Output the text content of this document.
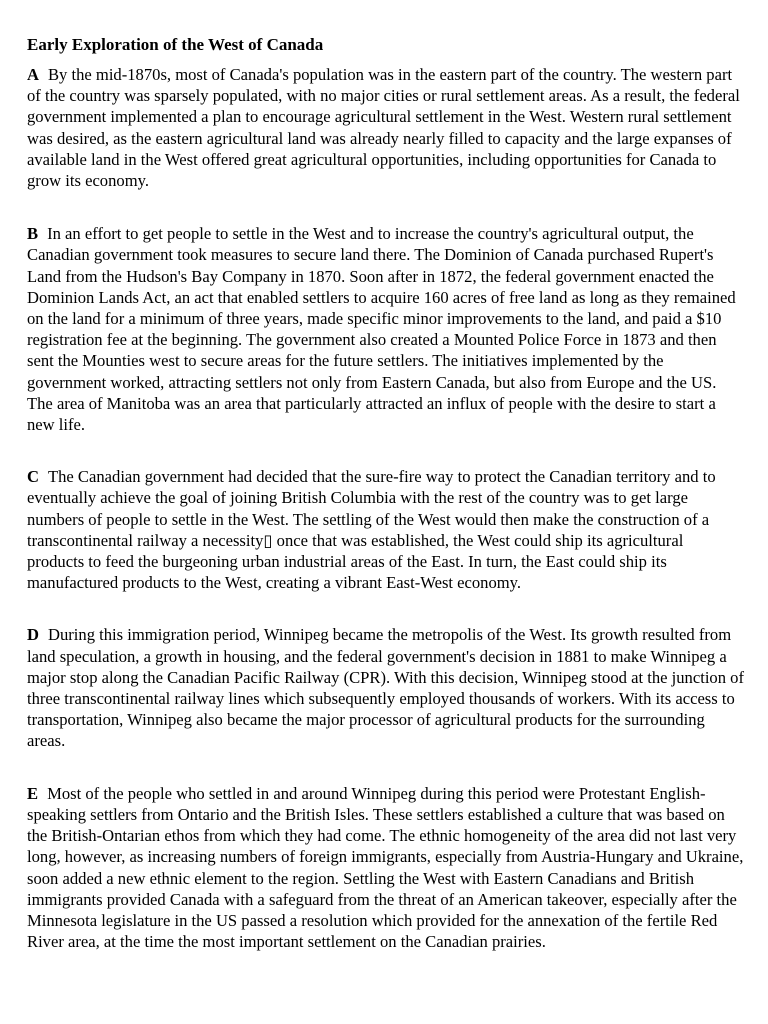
Early Exploration of the West of Canada

A By the mid-1870s, most of Canada's population was in the eastern part of the country. The western part of the country was sparsely populated, with no major cities or rural settlement areas. As a result, the federal government implemented a plan to encourage agricultural settlement in the West. Western rural settlement was desired, as the eastern agricultural land was already nearly filled to capacity and the large expanses of available land in the West offered great agricultural opportunities, including opportunities for Canada to grow its economy.

B In an effort to get people to settle in the West and to increase the country's agricultural output, the Canadian government took measures to secure land there. The Dominion of Canada purchased Rupert's Land from the Hudson's Bay Company in 1870. Soon after in 1872, the federal government enacted the Dominion Lands Act, an act that enabled settlers to acquire 160 acres of free land as long as they remained on the land for a minimum of three years, made specific minor improvements to the land, and paid a $10 registration fee at the beginning. The government also created a Mounted Police Force in 1873 and then sent the Mounties west to secure areas for the future settlers. The initiatives implemented by the government worked, attracting settlers not only from Eastern Canada, but also from Europe and the US. The area of Manitoba was an area that particularly attracted an influx of people with the desire to start a new life.

C The Canadian government had decided that the sure-fire way to protect the Canadian territory and to eventually achieve the goal of joining British Columbia with the rest of the country was to get large numbers of people to settle in the West. The settling of the West would then make the construction of a transcontinental railway a necessity▯ once that was established, the West could ship its agricultural products to feed the burgeoning urban industrial areas of the East. In turn, the East could ship its manufactured products to the West, creating a vibrant East-West economy.

D During this immigration period, Winnipeg became the metropolis of the West. Its growth resulted from land speculation, a growth in housing, and the federal government's decision in 1881 to make Winnipeg a major stop along the Canadian Pacific Railway (CPR). With this decision, Winnipeg stood at the junction of three transcontinental railway lines which subsequently employed thousands of workers. With its access to transportation, Winnipeg also became the major processor of agricultural products for the surrounding areas.

E Most of the people who settled in and around Winnipeg during this period were Protestant English-speaking settlers from Ontario and the British Isles. These settlers established a culture that was based on the British-Ontarian ethos from which they had come. The ethnic homogeneity of the area did not last very long, however, as increasing numbers of foreign immigrants, especially from Austria-Hungary and Ukraine, soon added a new ethnic element to the region. Settling the West with Eastern Canadians and British immigrants provided Canada with a safeguard from the threat of an American takeover, especially after the Minnesota legislature in the US passed a resolution which provided for the annexation of the fertile Red River area, at the time the most important settlement on the Canadian prairies.
